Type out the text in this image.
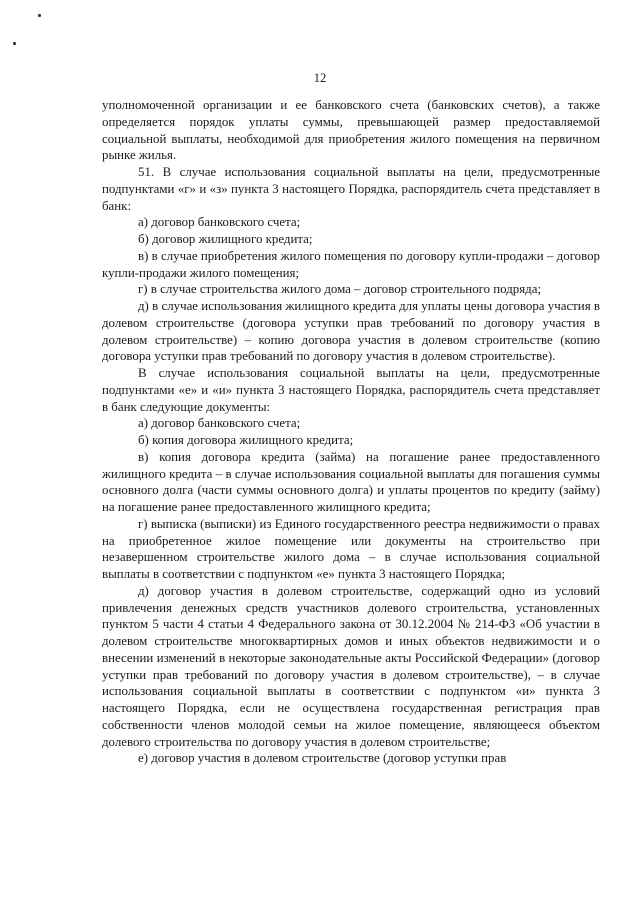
12

уполномоченной организации и ее банковского счета (банковских счетов), а также определяется порядок уплаты суммы, превышающей размер предоставляемой социальной выплаты, необходимой для приобретения жилого помещения на первичном рынке жилья.

51. В случае использования социальной выплаты на цели, предусмотренные подпунктами «г» и «з» пункта 3 настоящего Порядка, распорядитель счета представляет в банк:

а) договор банковского счета;

б) договор жилищного кредита;

в) в случае приобретения жилого помещения по договору купли-продажи – договор купли-продажи жилого помещения;

г) в случае строительства жилого дома – договор строительного подряда;

д) в случае использования жилищного кредита для уплаты цены договора участия в долевом строительстве (договора уступки прав требований по договору участия в долевом строительстве) – копию договора участия в долевом строительстве (копию договора уступки прав требований по договору участия в долевом строительстве).

В случае использования социальной выплаты на цели, предусмотренные подпунктами «е» и «и» пункта 3 настоящего Порядка, распорядитель счета представляет в банк следующие документы:

а) договор банковского счета;

б) копия договора жилищного кредита;

в) копия договора кредита (займа) на погашение ранее предоставленного жилищного кредита – в случае использования социальной выплаты для погашения суммы основного долга (части суммы основного долга) и уплаты процентов по кредиту (займу) на погашение ранее предоставленного жилищного кредита;

г) выписка (выписки) из Единого государственного реестра недвижимости о правах на приобретенное жилое помещение или документы на строительство при незавершенном строительстве жилого дома – в случае использования социальной выплаты в соответствии с подпунктом «е» пункта 3 настоящего Порядка;

д) договор участия в долевом строительстве, содержащий одно из условий привлечения денежных средств участников долевого строительства, установленных пунктом 5 части 4 статьи 4 Федерального закона от 30.12.2004 № 214-ФЗ «Об участии в долевом строительстве многоквартирных домов и иных объектов недвижимости и о внесении изменений в некоторые законодательные акты Российской Федерации» (договор уступки прав требований по договору участия в долевом строительстве), – в случае использования социальной выплаты в соответствии с подпунктом «и» пункта 3 настоящего Порядка, если не осуществлена государственная регистрация прав собственности членов молодой семьи на жилое помещение, являющееся объектом долевого строительства по договору участия в долевом строительстве;

е) договор участия в долевом строительстве (договор уступки прав
